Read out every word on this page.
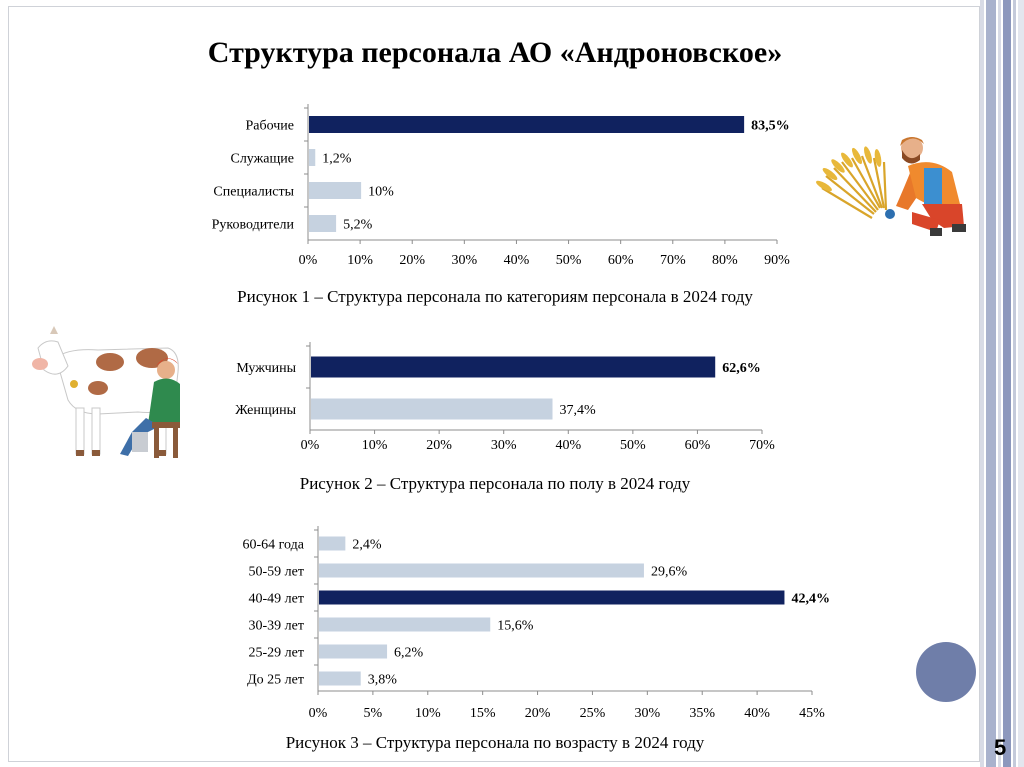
Структура персонала АО «Андроновское»
0% 10% 20% 30% 40% 50% 60% 70% 80% 90%
Рабочие	83,5%
Служащие 1,2%
Специалисты	10%
Руководители	5,2%
Рисунок 1 – Структура персонала по категориям персонала в 2024 году
0%	10%	20%	30%	40%	50%	60%	70%
Мужчины	62,6%
Женщины	37,4%
Рисунок 2 – Структура персонала по полу в 2024 году
0%	5% 10% 15% 20% 25% 30% 35% 40% 45%
60-64 года	2,4%
50-59 лет	29,6%
40-49 лет	42,4%
30-39 лет	15,6%
25-29 лет	6,2%
До 25 лет	3,8%
Рисунок 3 – Структура персонала по возрасту в 2024 году	5
